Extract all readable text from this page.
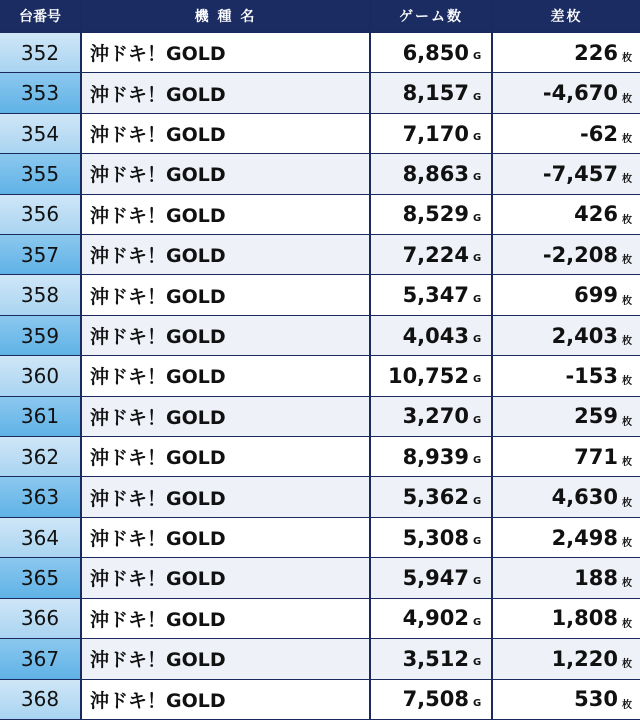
台番号	機 種 名	ゲーム数	差枚
352	沖ドキ！GOLD	6,850 G	226 枚
353	沖ドキ！GOLD	8,157 G	-4,670 枚
354	沖ドキ！GOLD	7,170 G	-62 枚
355	沖ドキ！GOLD	8,863 G	-7,457 枚
356	沖ドキ！GOLD	8,529 G	426 枚
357	沖ドキ！GOLD	7,224 G	-2,208 枚
358	沖ドキ！GOLD	5,347 G	699 枚
359	沖ドキ！GOLD	4,043 G	2,403 枚
360	沖ドキ！GOLD	10,752 G	-153 枚
361	沖ドキ！GOLD	3,270 G	259 枚
362	沖ドキ！GOLD	8,939 G	771 枚
363	沖ドキ！GOLD	5,362 G	4,630 枚
364	沖ドキ！GOLD	5,308 G	2,498 枚
365	沖ドキ！GOLD	5,947 G	188 枚
366	沖ドキ！GOLD	4,902 G	1,808 枚
367	沖ドキ！GOLD	3,512 G	1,220 枚
368	沖ドキ！GOLD	7,508 G	530 枚
